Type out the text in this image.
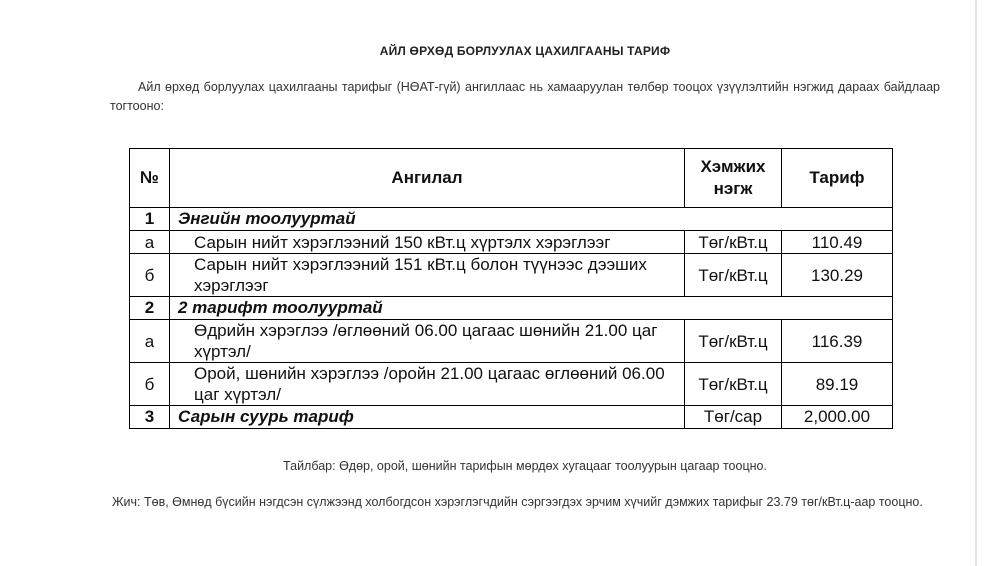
АЙЛ ӨРХӨД БОРЛУУЛАХ ЦАХИЛГААНЫ ТАРИФ
Айл өрхөд борлуулах цахилгааны тарифыг (НӨАТ-гүй) ангиллаас нь хамааруулан төлбөр тооцох үзүүлэлтийн нэгжид дараах байдлаар тогтооно:
№	Ангилал	Хэмжих нэгж	Тариф
1	Энгийн тоолууртай		
а	Сарын нийт хэрэглээний 150 кВт.ц хүртэлх хэрэглээг	Төг/кВт.ц	110.49
б	Сарын нийт хэрэглээний 151 кВт.ц болон түүнээс дээших хэрэглээг	Төг/кВт.ц	130.29
2	2 тарифт тоолууртай		
а	Өдрийн хэрэглээ /өглөөний 06.00 цагаас шөнийн 21.00 цаг хүртэл/	Төг/кВт.ц	116.39
б	Орой, шөнийн хэрэглээ /оройн 21.00 цагаас өглөөний 06.00 цаг хүртэл/	Төг/кВт.ц	89.19
3	Сарын суурь тариф	Төг/сар	2,000.00
Тайлбар: Өдөр, орой, шөнийн тарифын мөрдөх хугацааг тоолуурын цагаар тооцно.
Жич: Төв, Өмнөд бүсийн нэгдсэн сүлжээнд холбогдсон хэрэглэгчдийн сэргээгдэх эрчим хүчийг дэмжих тарифыг 23.79 төг/кВт.ц-аар тооцно.
